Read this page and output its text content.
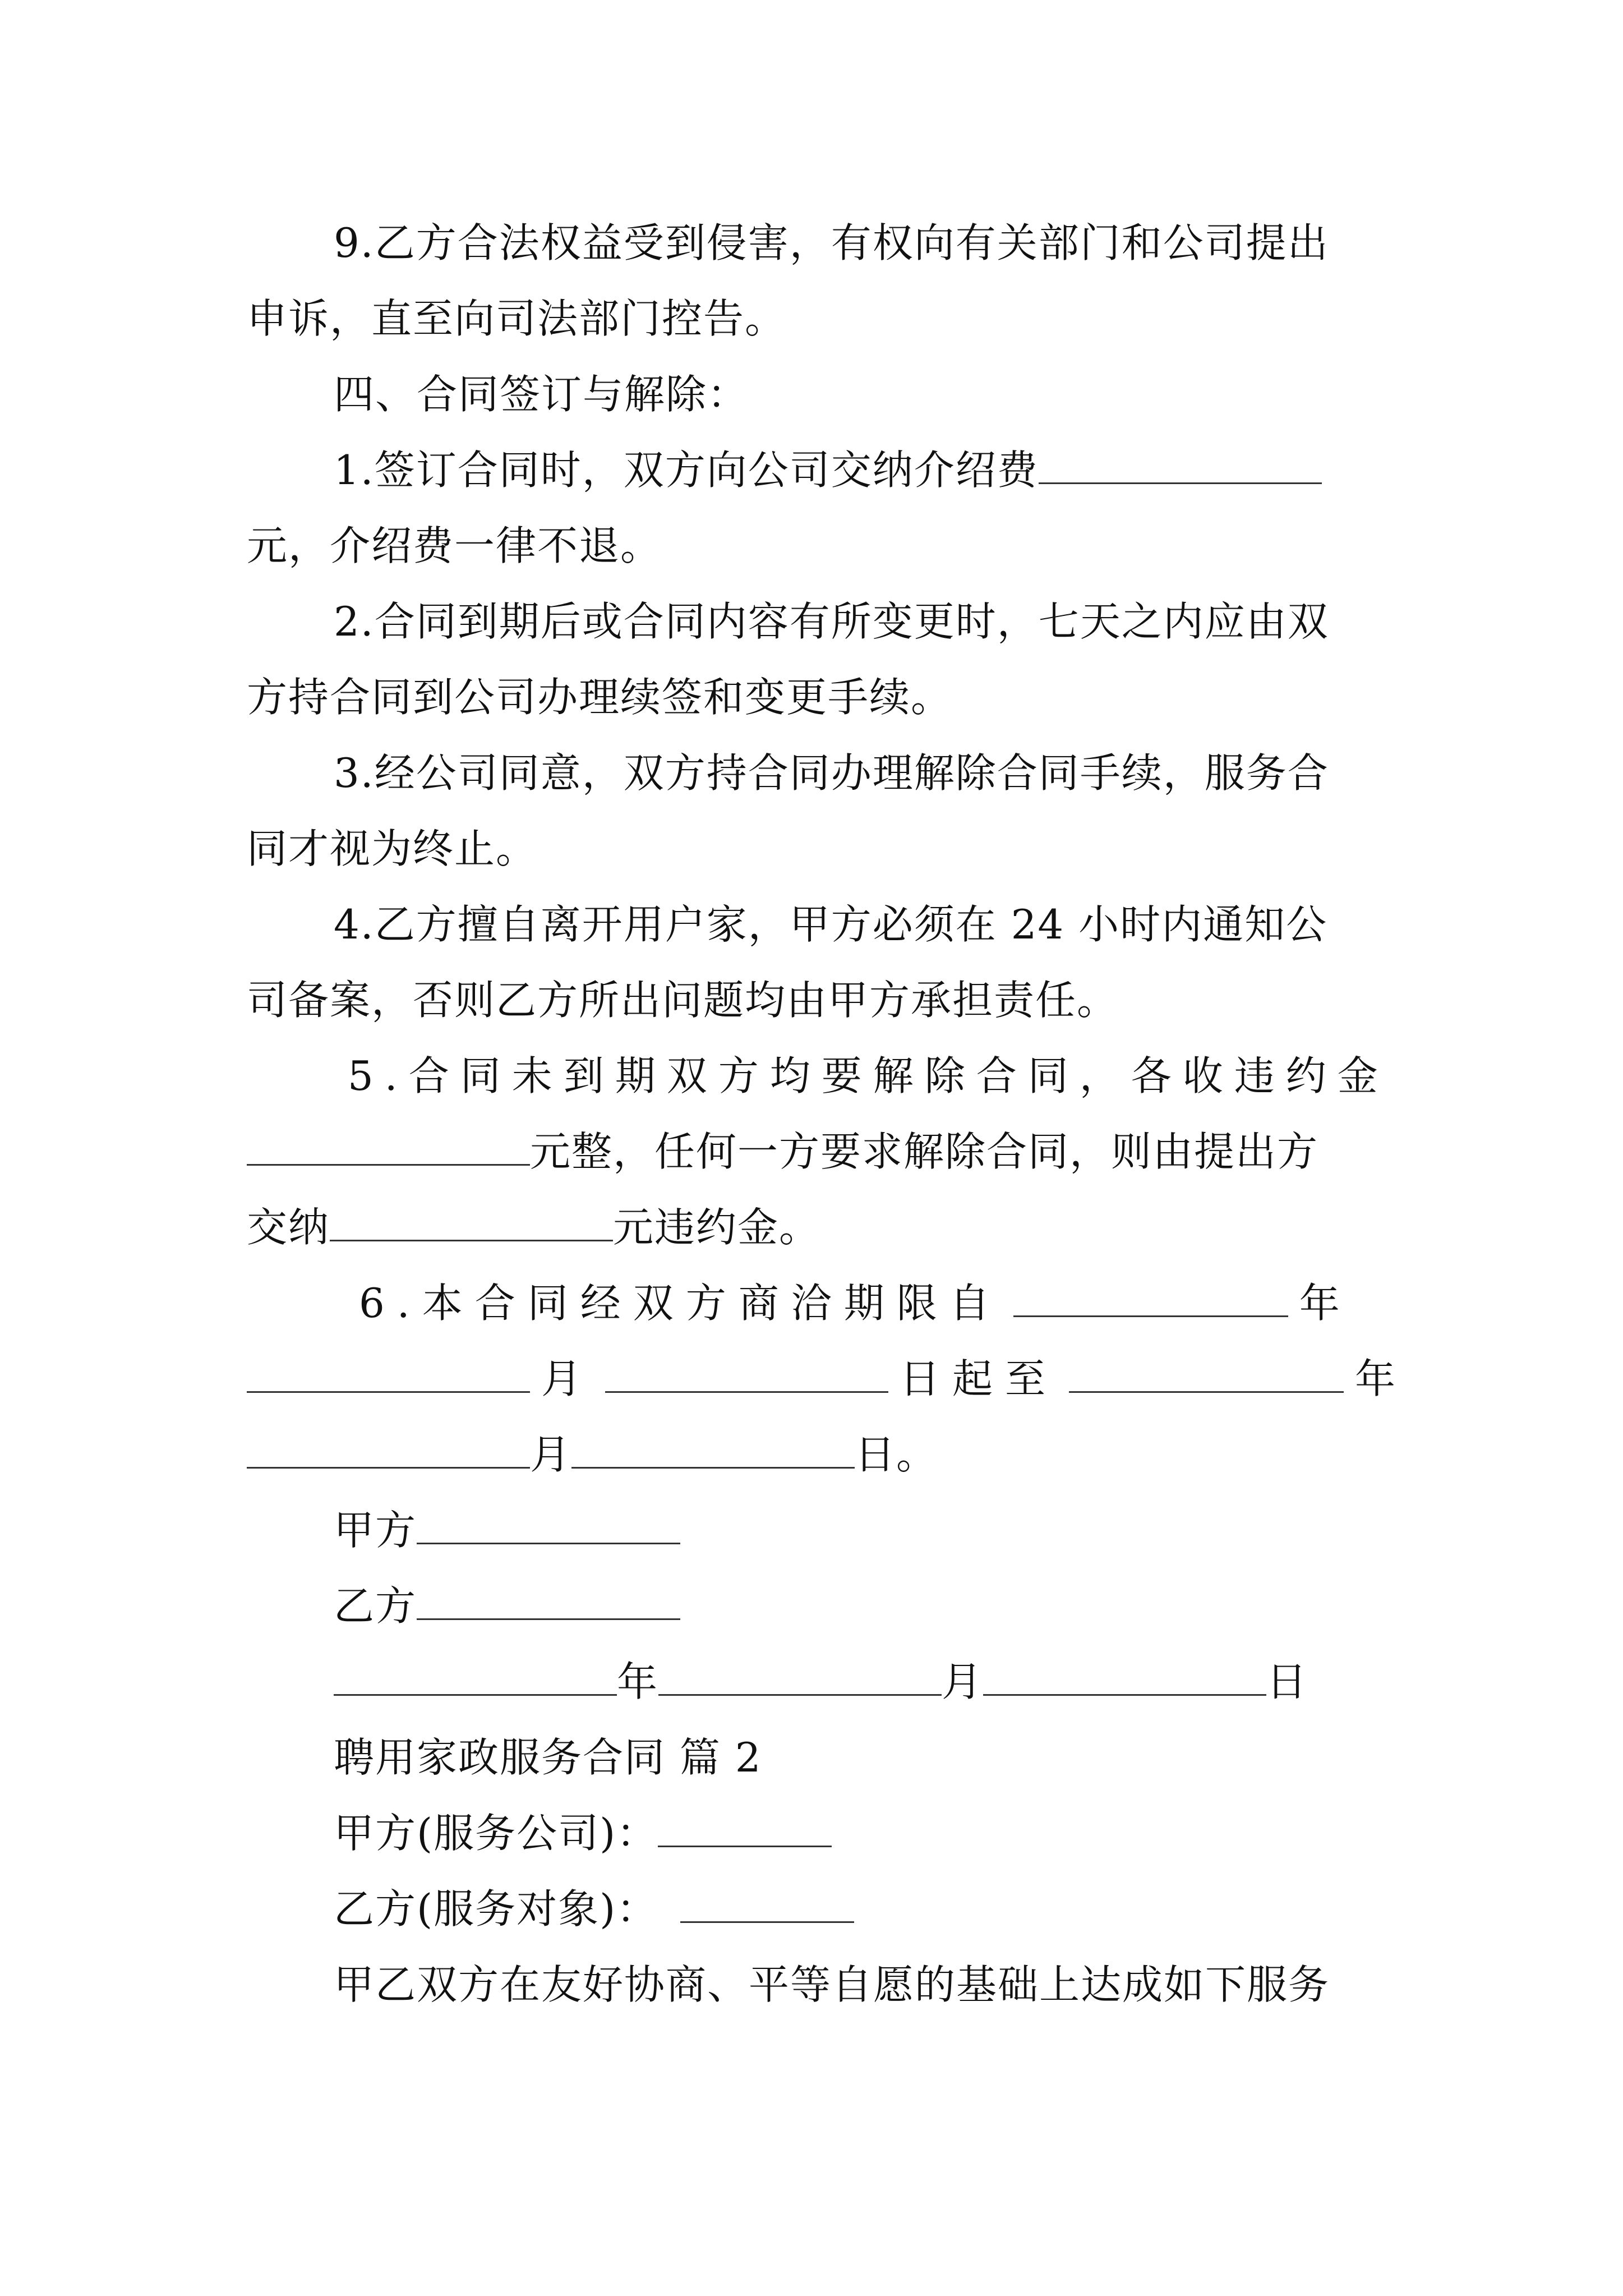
9.乙方合法权益受到侵害，有权向有关部门和公司提出
申诉，直至向司法部门控告。
四、合同签订与解除：
1.签订合同时，双方向公司交纳介绍费
元，介绍费一律不退。
2.合同到期后或合同内容有所变更时，七天之内应由双
方持合同到公司办理续签和变更手续。
3.经公司同意，双方持合同办理解除合同手续，服务合
同才视为终止。
4.乙方擅自离开用户家，甲方必须在 24 小时内通知公
司备案，否则乙方所出问题均由甲方承担责任。
5.合同未到期双方均要解除合同，各收违约金
元整，任何一方要求解除合同，则由提出方
交纳	元违约金。
6.本合同经双方商洽期限自	年
月	日起至	年
月	日。
甲方
乙方
年	月	日
聘用家政服务合同 篇 2
甲方(服务公司)：
乙方(服务对象)：
甲乙双方在友好协商、平等自愿的基础上达成如下服务
